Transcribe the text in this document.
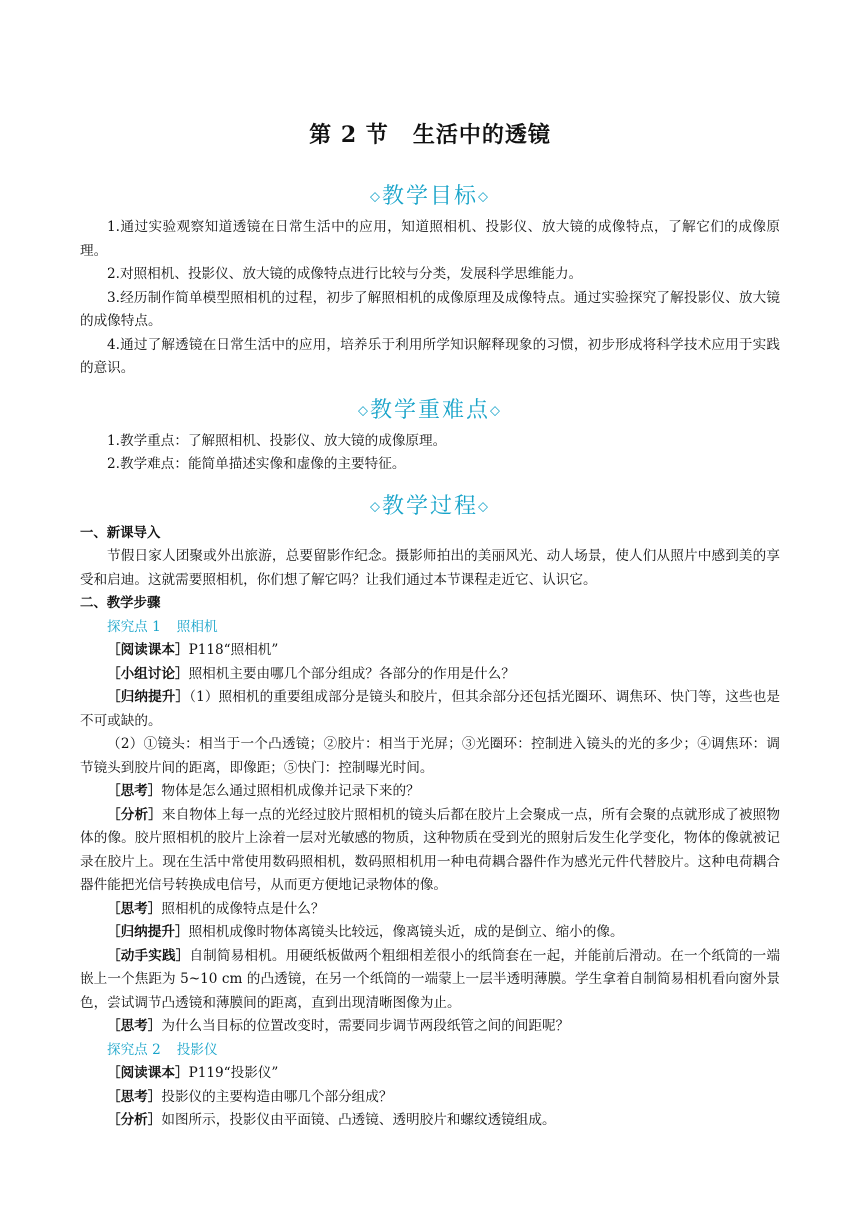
第 2 节 生活中的透镜
◇教学目标◇

1.通过实验观察知道透镜在日常生活中的应用，知道照相机、投影仪、放大镜的成像特点，了解它们的成像原理。

2.对照相机、投影仪、放大镜的成像特点进行比较与分类，发展科学思维能力。

3.经历制作简单模型照相机的过程，初步了解照相机的成像原理及成像特点。通过实验探究了解投影仪、放大镜的成像特点。

4.通过了解透镜在日常生活中的应用，培养乐于利用所学知识解释现象的习惯，初步形成将科学技术应用于实践的意识。

◇教学重难点◇

1.教学重点：了解照相机、投影仪、放大镜的成像原理。

2.教学难点：能简单描述实像和虚像的主要特征。

◇教学过程◇

一、新课导入

节假日家人团聚或外出旅游，总要留影作纪念。摄影师拍出的美丽风光、动人场景，使人们从照片中感到美的享受和启迪。这就需要照相机，你们想了解它吗？让我们通过本节课程走近它、认识它。

二、教学步骤

探究点 1 照相机

［阅读课本］P118“照相机”

［小组讨论］照相机主要由哪几个部分组成？各部分的作用是什么？

［归纳提升］（1）照相机的重要组成部分是镜头和胶片，但其余部分还包括光圈环、调焦环、快门等，这些也是不可或缺的。

（2）①镜头：相当于一个凸透镜；②胶片：相当于光屏；③光圈环：控制进入镜头的光的多少；④调焦环：调节镜头到胶片间的距离，即像距；⑤快门：控制曝光时间。

［思考］物体是怎么通过照相机成像并记录下来的？

［分析］来自物体上每一点的光经过胶片照相机的镜头后都在胶片上会聚成一点，所有会聚的点就形成了被照物体的像。胶片照相机的胶片上涂着一层对光敏感的物质，这种物质在受到光的照射后发生化学变化，物体的像就被记录在胶片上。现在生活中常使用数码照相机，数码照相机用一种电荷耦合器件作为感光元件代替胶片。这种电荷耦合器件能把光信号转换成电信号，从而更方便地记录物体的像。

［思考］照相机的成像特点是什么？

［归纳提升］照相机成像时物体离镜头比较远，像离镜头近，成的是倒立、缩小的像。

［动手实践］自制简易相机。用硬纸板做两个粗细相差很小的纸筒套在一起，并能前后滑动。在一个纸筒的一端嵌上一个焦距为 5~10 cm 的凸透镜，在另一个纸筒的一端蒙上一层半透明薄膜。学生拿着自制简易相机看向窗外景色，尝试调节凸透镜和薄膜间的距离，直到出现清晰图像为止。

［思考］为什么当目标的位置改变时，需要同步调节两段纸管之间的间距呢？

探究点 2 投影仪

［阅读课本］P119“投影仪”

［思考］投影仪的主要构造由哪几个部分组成？

［分析］如图所示，投影仪由平面镜、凸透镜、透明胶片和螺纹透镜组成。
